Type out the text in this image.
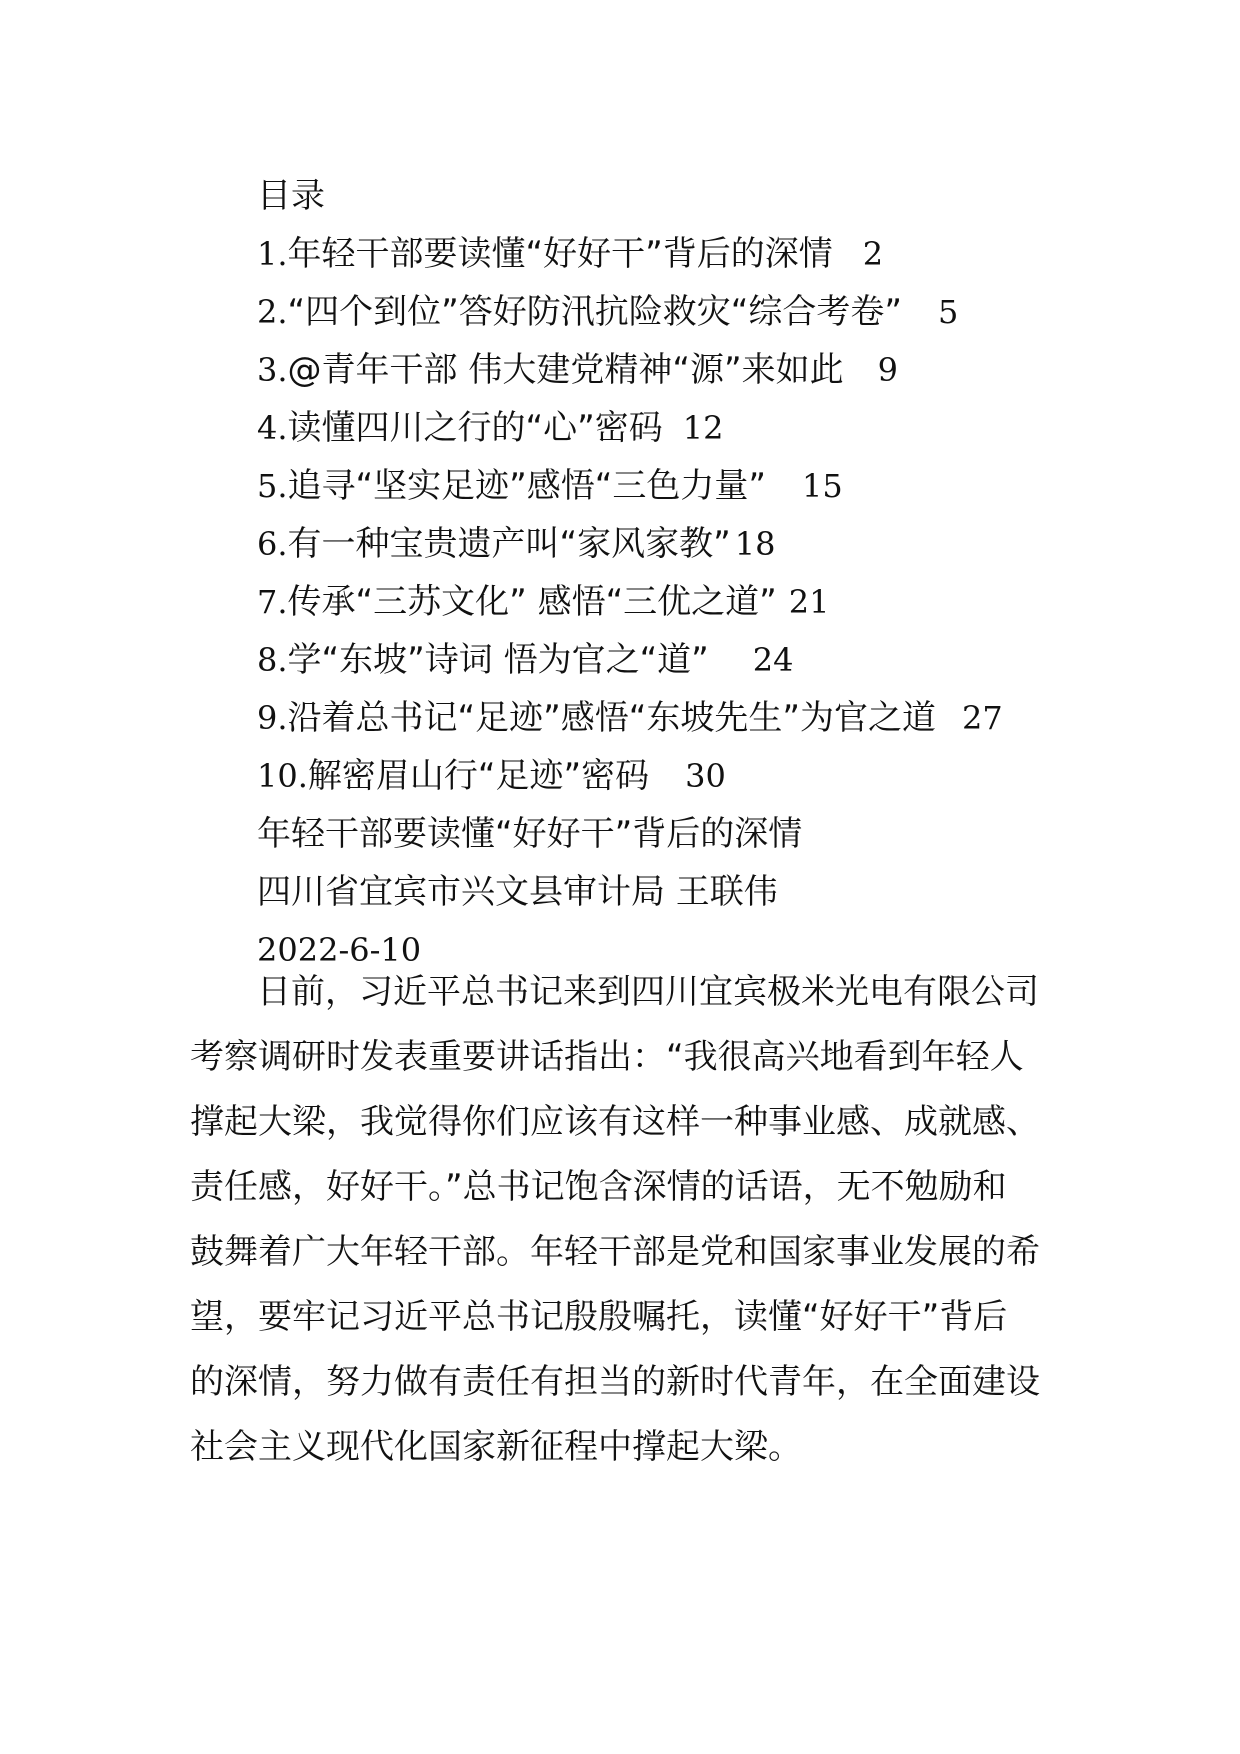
目录
1.年轻干部要读懂“好好干”背后的深情 2
2.“四个到位”答好防汛抗险救灾“综合考卷” 5
3.@青年干部 伟大建党精神“源”来如此 9
4.读懂四川之行的“心”密码 12
5.追寻“坚实足迹”感悟“三色力量” 15
6.有一种宝贵遗产叫“家风家教” 18
7.传承“三苏文化” 感悟“三优之道” 21
8.学“东坡”诗词 悟为官之“道” 24
9.沿着总书记“足迹”感悟“东坡先生”为官之道 27
10.解密眉山行“足迹”密码 30
年轻干部要读懂“好好干”背后的深情
四川省宜宾市兴文县审计局 王联伟
2022-6-10
日前，习近平总书记来到四川宜宾极米光电有限公司
考察调研时发表重要讲话指出：“我很高兴地看到年轻人
撑起大梁，我觉得你们应该有这样一种事业感、成就感、
责任感，好好干。”总书记饱含深情的话语，无不勉励和
鼓舞着广大年轻干部。年轻干部是党和国家事业发展的希
望，要牢记习近平总书记殷殷嘱托，读懂“好好干”背后
的深情，努力做有责任有担当的新时代青年，在全面建设
社会主义现代化国家新征程中撑起大梁。
